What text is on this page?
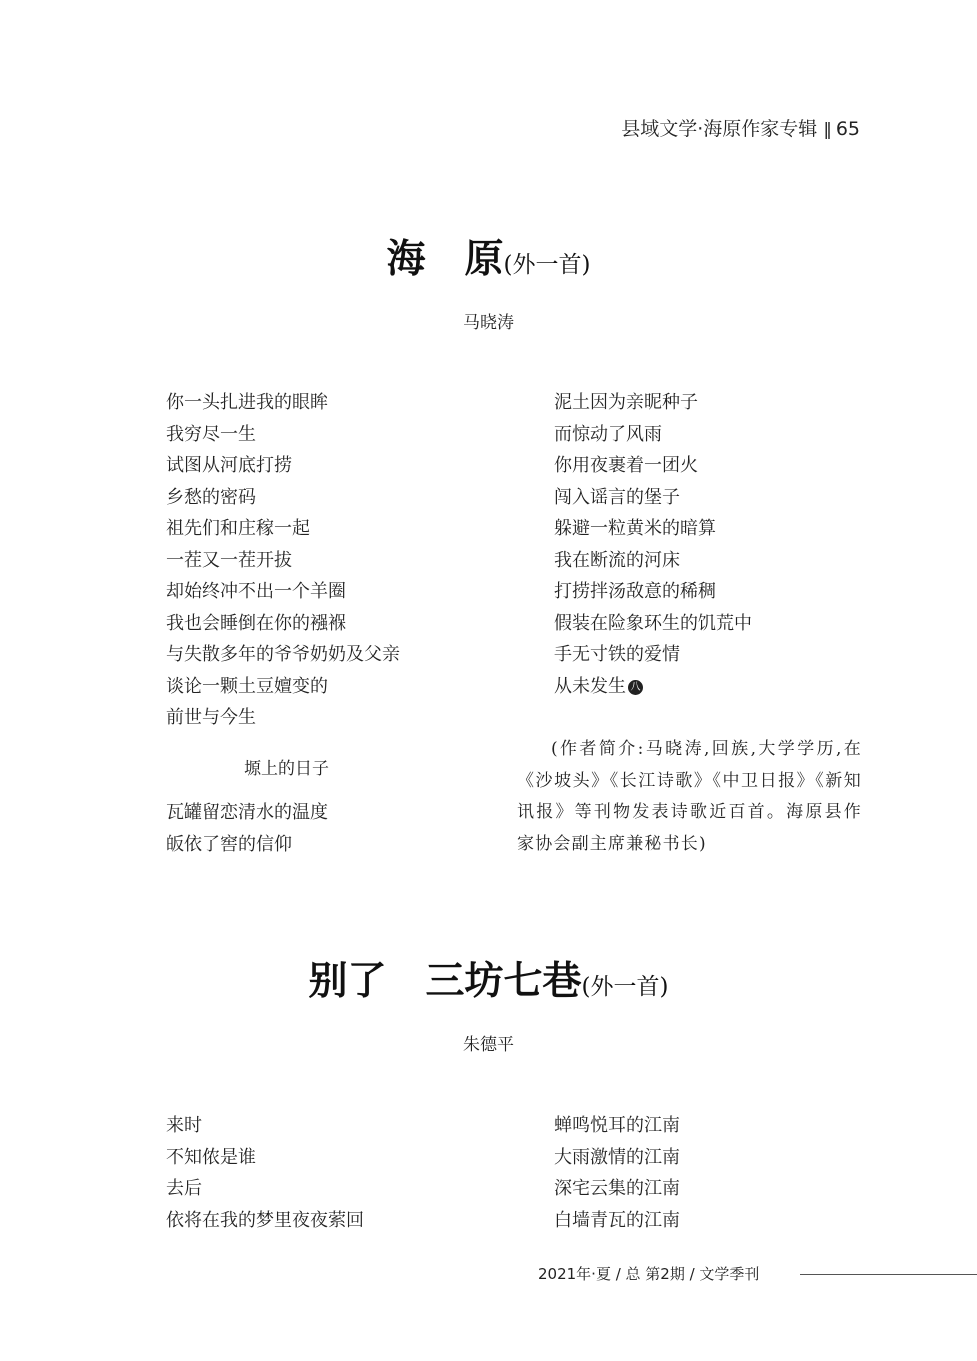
县域文学·海原作家专辑 ‖ 65
海　原(外一首)
马晓涛
你一头扎进我的眼眸
我穷尽一生
试图从河底打捞
乡愁的密码
祖先们和庄稼一起
一茬又一茬开拔
却始终冲不出一个羊圈
我也会睡倒在你的襁褓
与失散多年的爷爷奶奶及父亲
谈论一颗土豆嬗变的
前世与今生
泥土因为亲昵种子
而惊动了风雨
你用夜裹着一团火
闯入谣言的堡子
躲避一粒黄米的暗算
我在断流的河床
打捞拌汤敌意的稀稠
假装在险象环生的饥荒中
手无寸铁的爱情
从未发生 八
塬上的日子
瓦罐留恋清水的温度
皈依了窖的信仰
(作者简介:马晓涛,回族,大学学历,在《沙坡头》《长江诗歌》《中卫日报》《新知讯报》等刊物发表诗歌近百首。海原县作家协会副主席兼秘书长)
别了　三坊七巷(外一首)
朱德平
来时
不知侬是谁
去后
依将在我的梦里夜夜萦回
蝉鸣悦耳的江南
大雨激情的江南
深宅云集的江南
白墙青瓦的江南
2021年·夏 / 总 第2期 / 文学季刊
